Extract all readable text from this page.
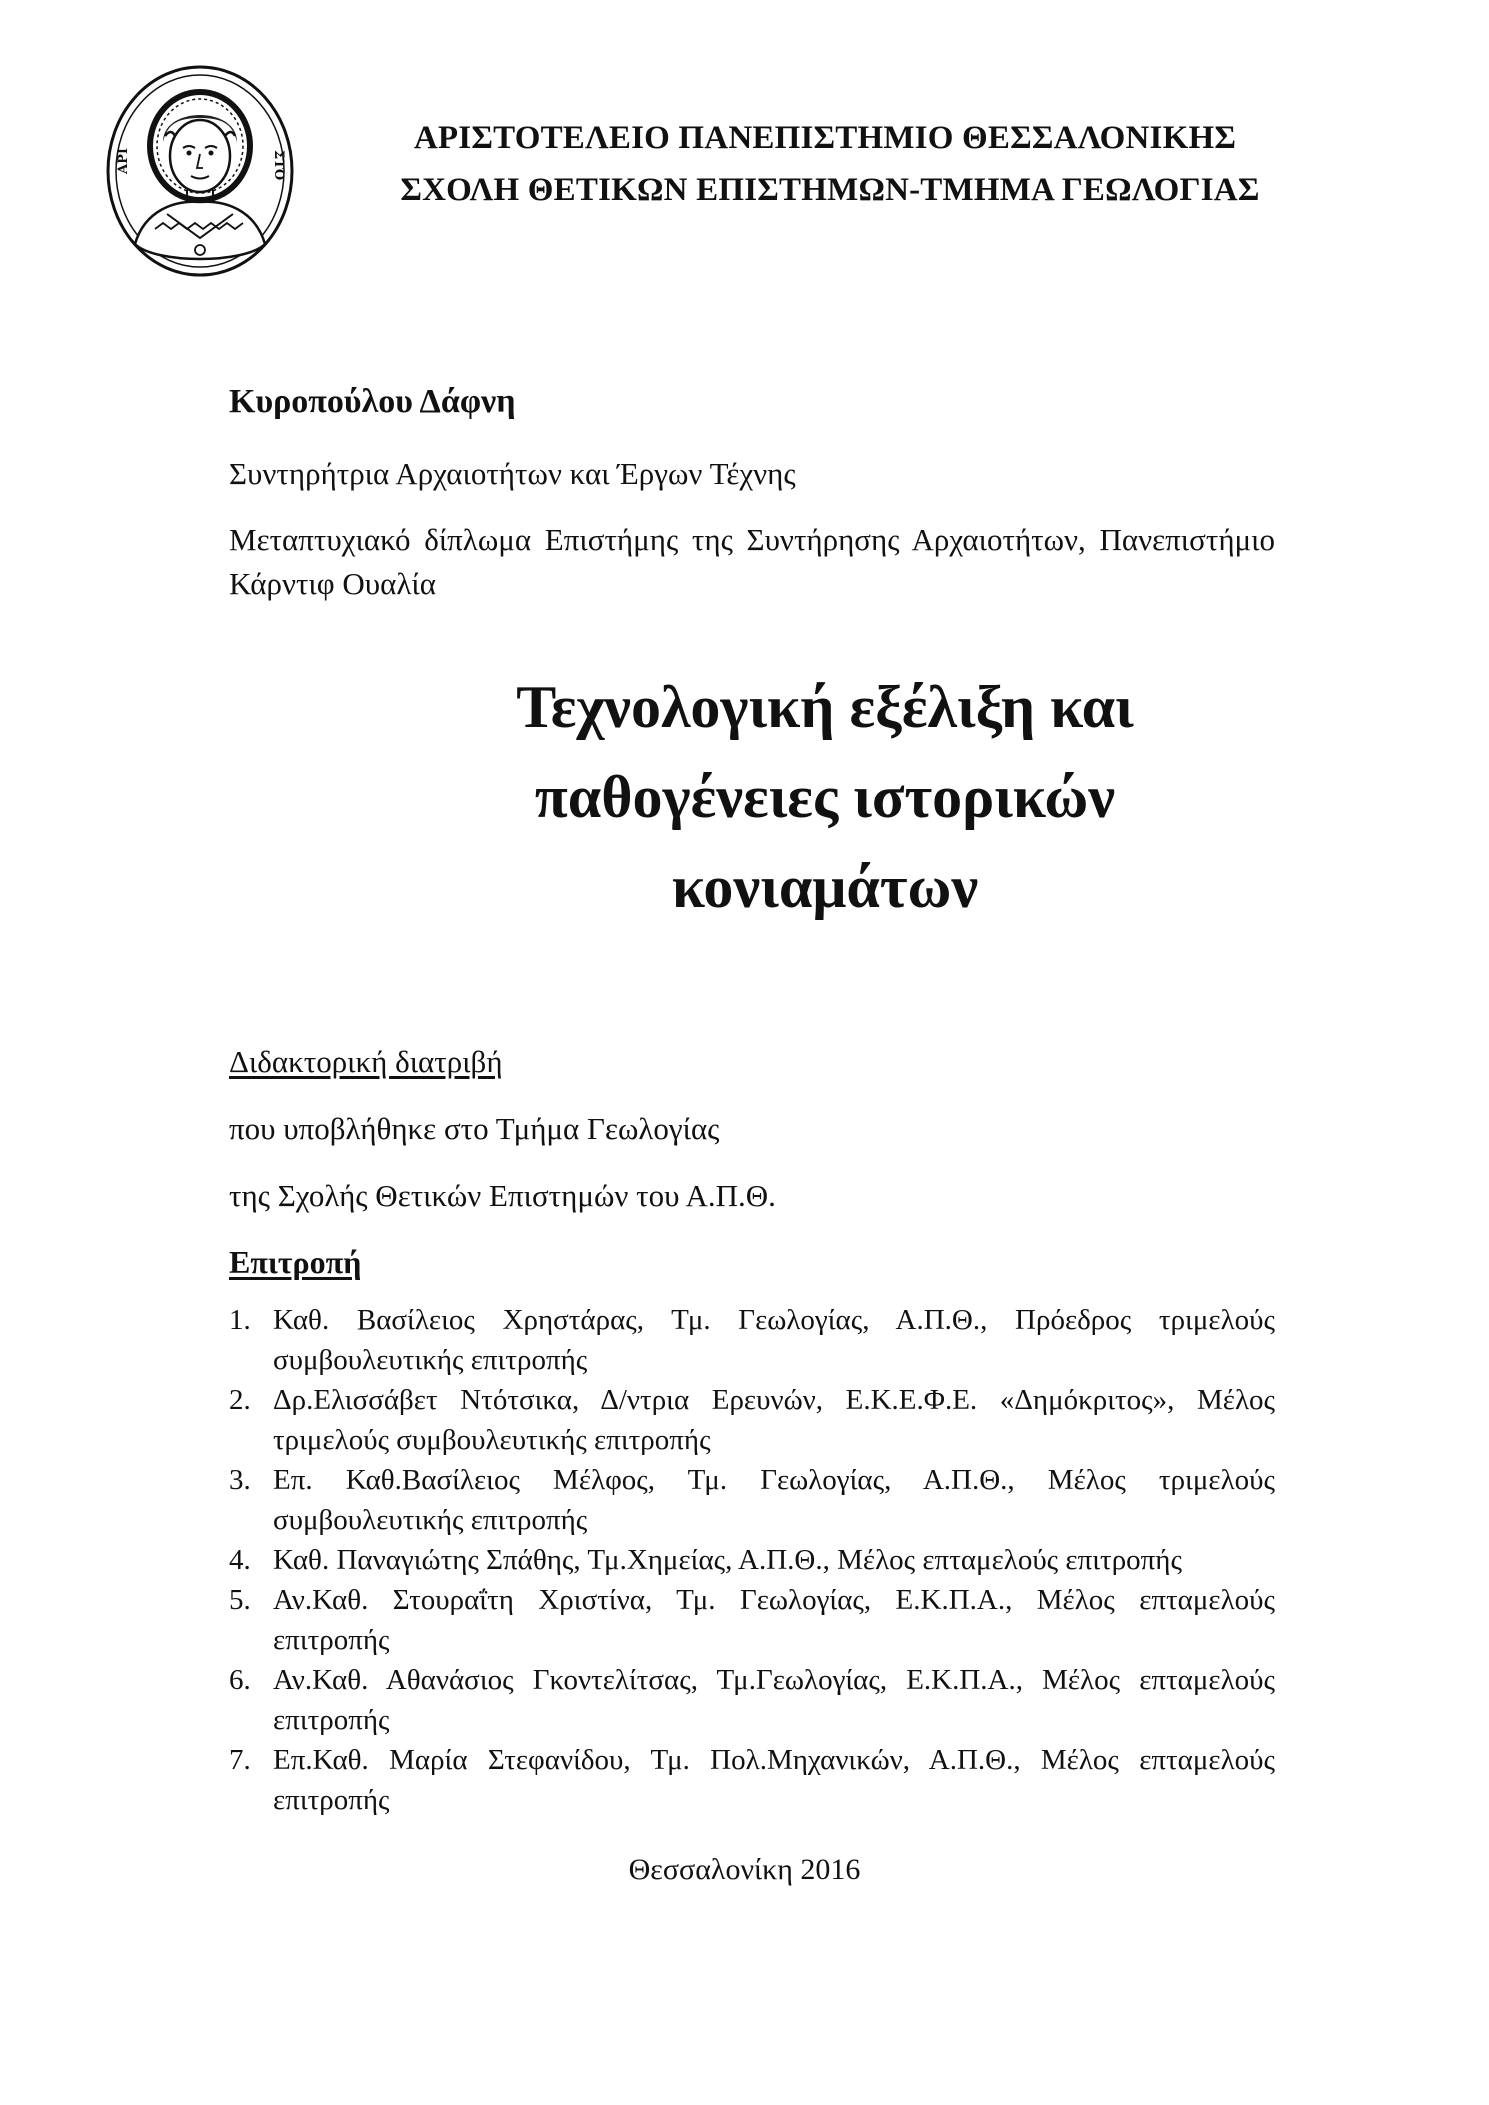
ΑΡΙ	ΣΤΟ
ΑΡΙΣΤΟΤΕΛΕΙΟ ΠΑΝΕΠΙΣΤΗΜΙΟ ΘΕΣΣΑΛΟΝΙΚΗΣ
ΣΧΟΛΗ ΘΕΤΙΚΩΝ ΕΠΙΣΤΗΜΩΝ-ΤΜΗΜΑ ΓΕΩΛΟΓΙΑΣ
Κυροπούλου Δάφνη
Συντηρήτρια Αρχαιοτήτων και Έργων Τέχνης
Μεταπτυχιακό δίπλωμα Επιστήμης της Συντήρησης Αρχαιοτήτων, Πανεπιστήμιο Κάρντιφ Ουαλία
Τεχνολογική εξέλιξη και
παθογένειες ιστορικών
κονιαμάτων
Διδακτορική διατριβή
που υποβλήθηκε στο Τμήμα Γεωλογίας
της Σχολής Θετικών Επιστημών του Α.Π.Θ.
Επιτροπή
1. Καθ. Βασίλειος Χρηστάρας, Τμ. Γεωλογίας, Α.Π.Θ., Πρόεδρος τριμελούς συμβουλευτικής επιτροπής
2. Δρ.Ελισσάβετ Ντότσικα, Δ/ντρια Ερευνών, Ε.Κ.Ε.Φ.Ε. «Δημόκριτος», Μέλος τριμελούς συμβουλευτικής επιτροπής
3. Επ. Καθ.Βασίλειος Μέλφος, Τμ. Γεωλογίας, Α.Π.Θ., Μέλος τριμελούς συμβουλευτικής επιτροπής
4. Καθ. Παναγιώτης Σπάθης, Τμ.Χημείας, Α.Π.Θ., Μέλος επταμελούς επιτροπής
5. Αν.Καθ. Στουραΐτη Χριστίνα, Τμ. Γεωλογίας, Ε.Κ.Π.Α., Μέλος επταμελούς επιτροπής
6. Αν.Καθ. Αθανάσιος Γκοντελίτσας, Τμ.Γεωλογίας, Ε.Κ.Π.Α., Μέλος επταμελούς επιτροπής
7. Επ.Καθ. Μαρία Στεφανίδου, Τμ. Πολ.Μηχανικών, Α.Π.Θ., Μέλος επταμελούς επιτροπής
Θεσσαλονίκη 2016
